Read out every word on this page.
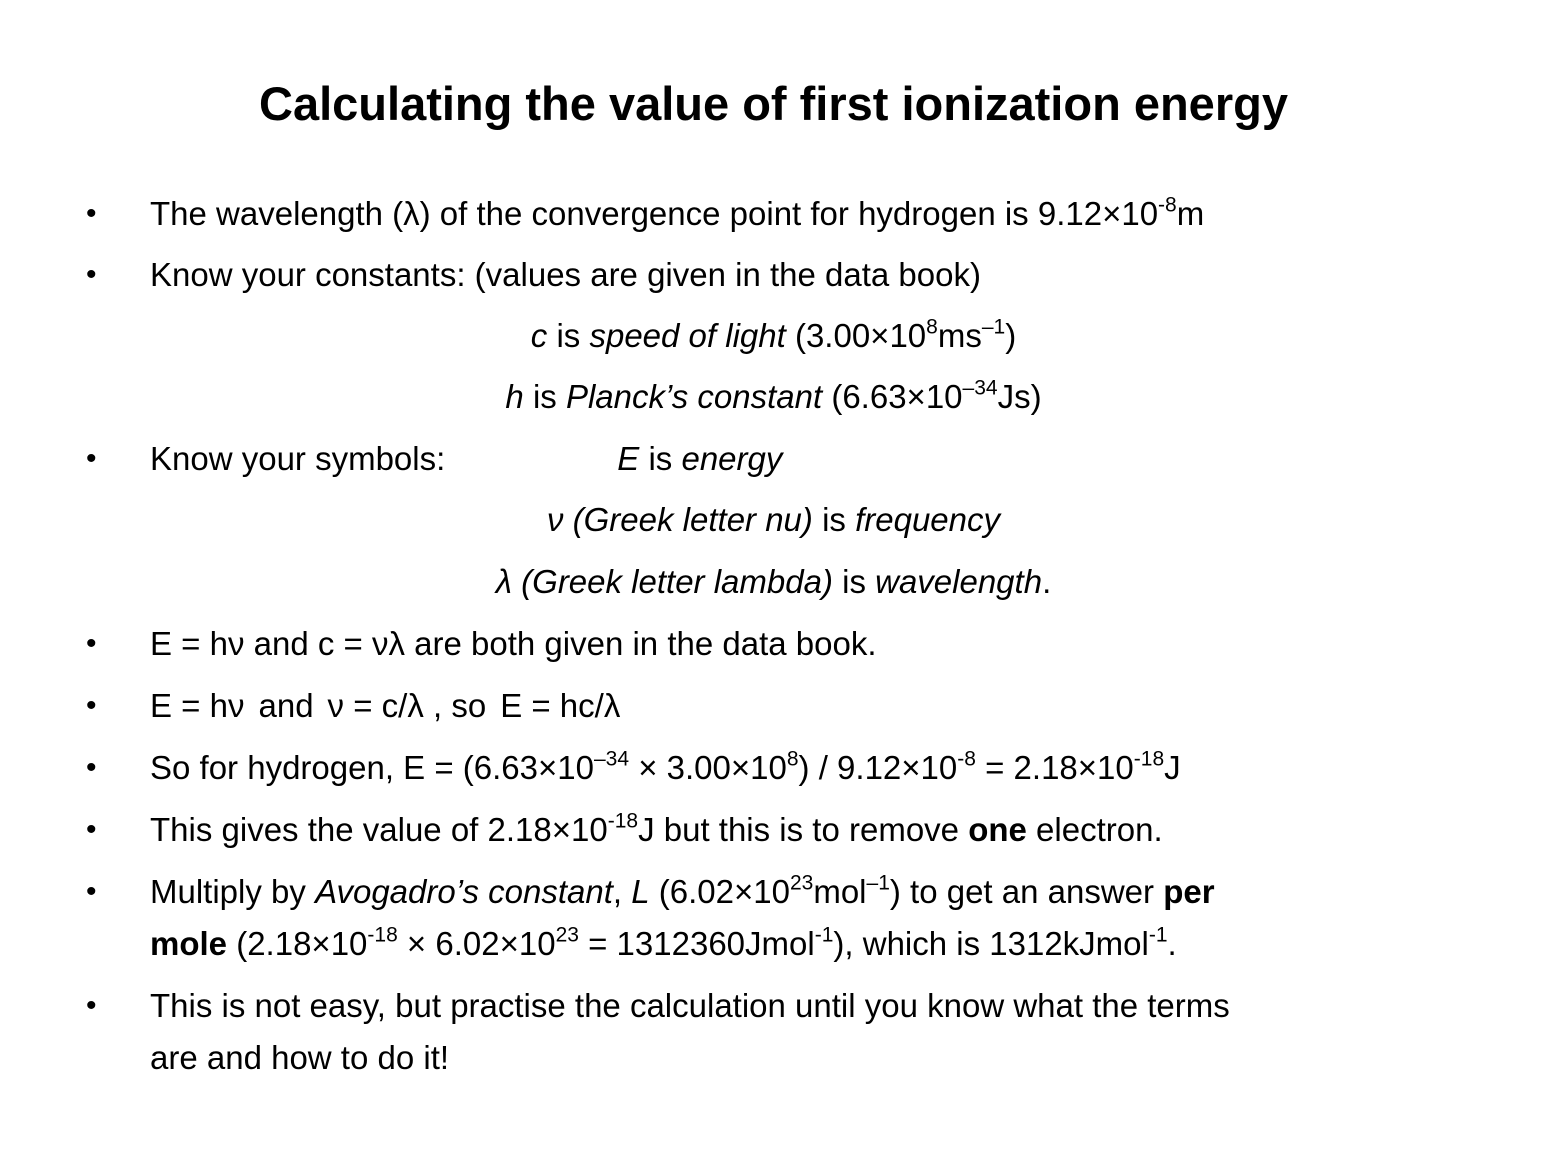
Calculating the value of first ionization energy
• The wavelength (λ) of the convergence point for hydrogen is $9.12\times 10^{-8}m$
• Know your constants: (values are given in the data book)
c is speed of light $(3.00\times 10^8ms^{-1})$
h is Planck’s constant $(6.63\times 10^{-34}Js)$
• Know your symbols:	E is energy
ν (Greek letter nu) is frequency
λ (Greek letter lambda) is wavelength.
• E = hν and c = νλ are both given in the data book.
• E = hν and ν = c/λ , so E = hc/λ
• So for hydrogen, $E = (6.63\times 10^{-34} \times 3.00\times 10^8) / 9.12\times 10^{-8} = 2.18\times 10^{-18}J$
• This gives the value of $2.18\times 10^{-18}J$ but this is to remove one electron.
• Multiply by Avogadro’s constant, L $(6.02\times 10^{23}mol^{-1})$ to get an answer per
mole ($2.18\times 10^{-18} \times 6.02\times 10^{23}$ = 1312360Jmol$^{-1}$), which is 1312kJmol$^{-1}$.
• This is not easy, but practise the calculation until you know what the terms
are and how to do it!
